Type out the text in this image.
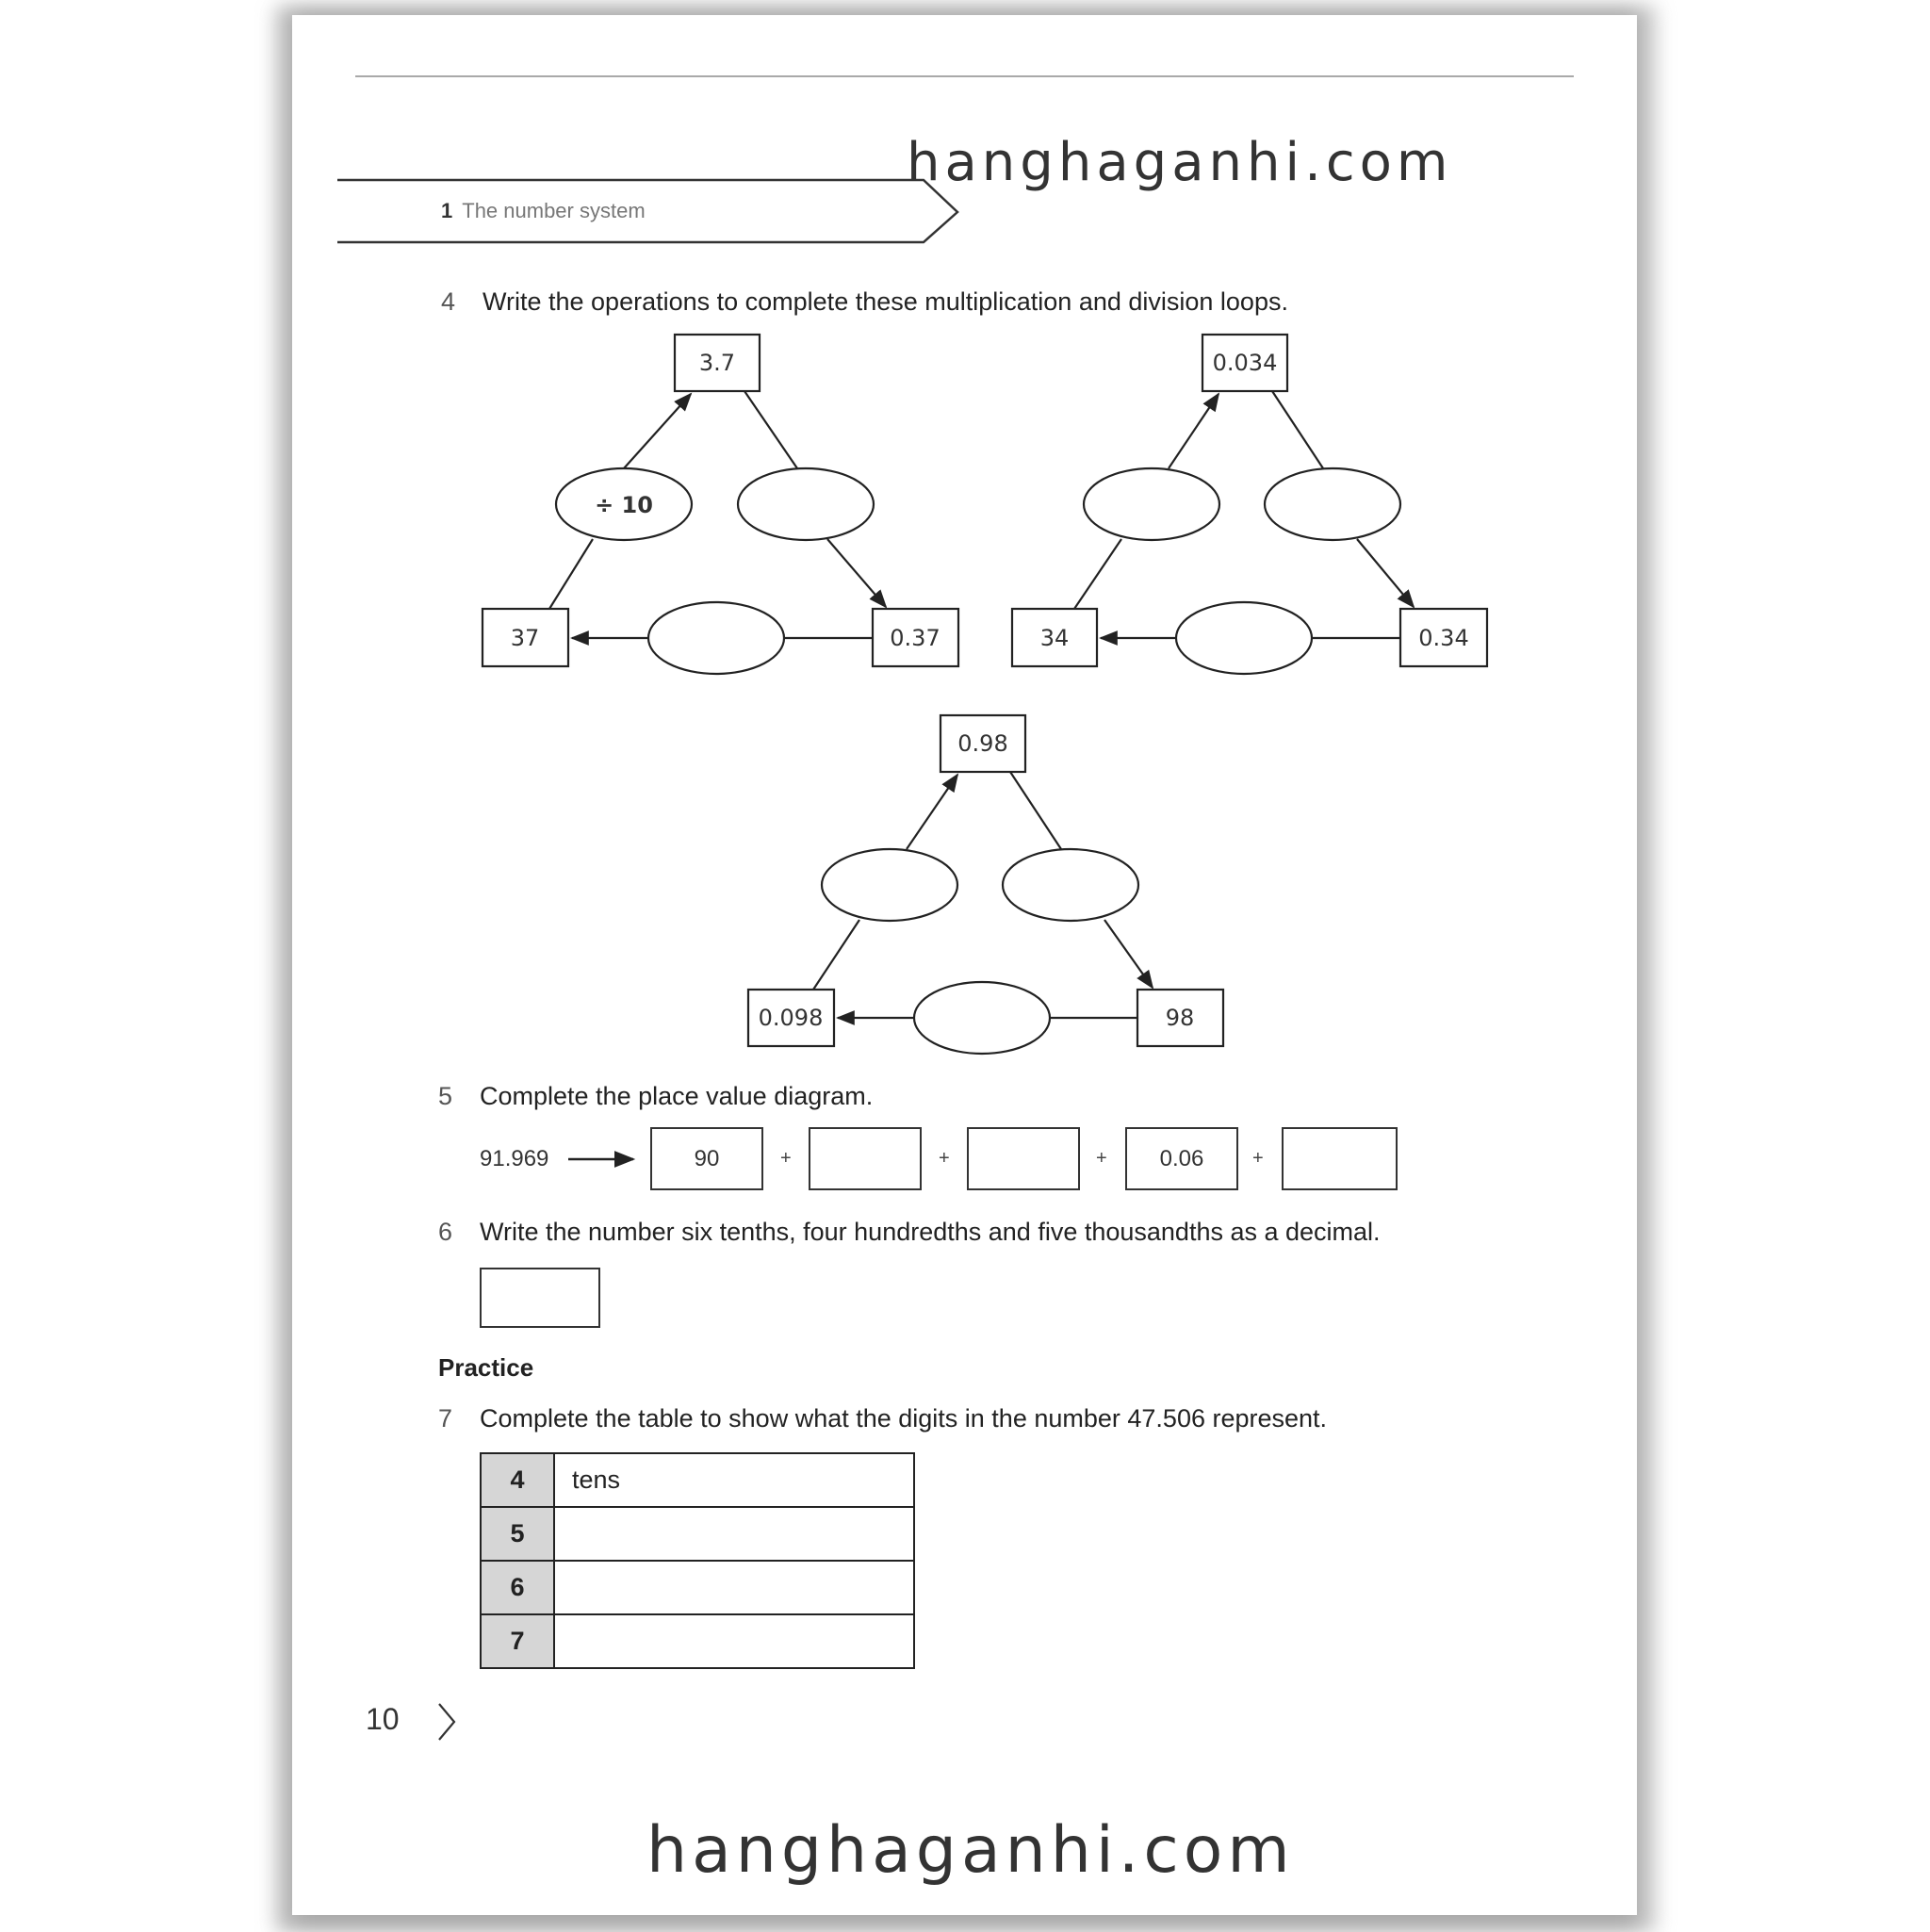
hanghaganhi.com
1 The number system
4 Write the operations to complete these multiplication and division loops.
3.7
37	0.37
÷ 10
0.034
34	0.34
0.98
0.098	98
5 Complete the place value diagram.
91.969	90	+	+	+	0.06	+
6 Write the number six tenths, four hundredths and five thousandths as a decimal.
Practice
7 Complete the table to show what the digits in the number 47.506 represent.
4	tens
5	
6	
7	
10
hanghaganhi.com
